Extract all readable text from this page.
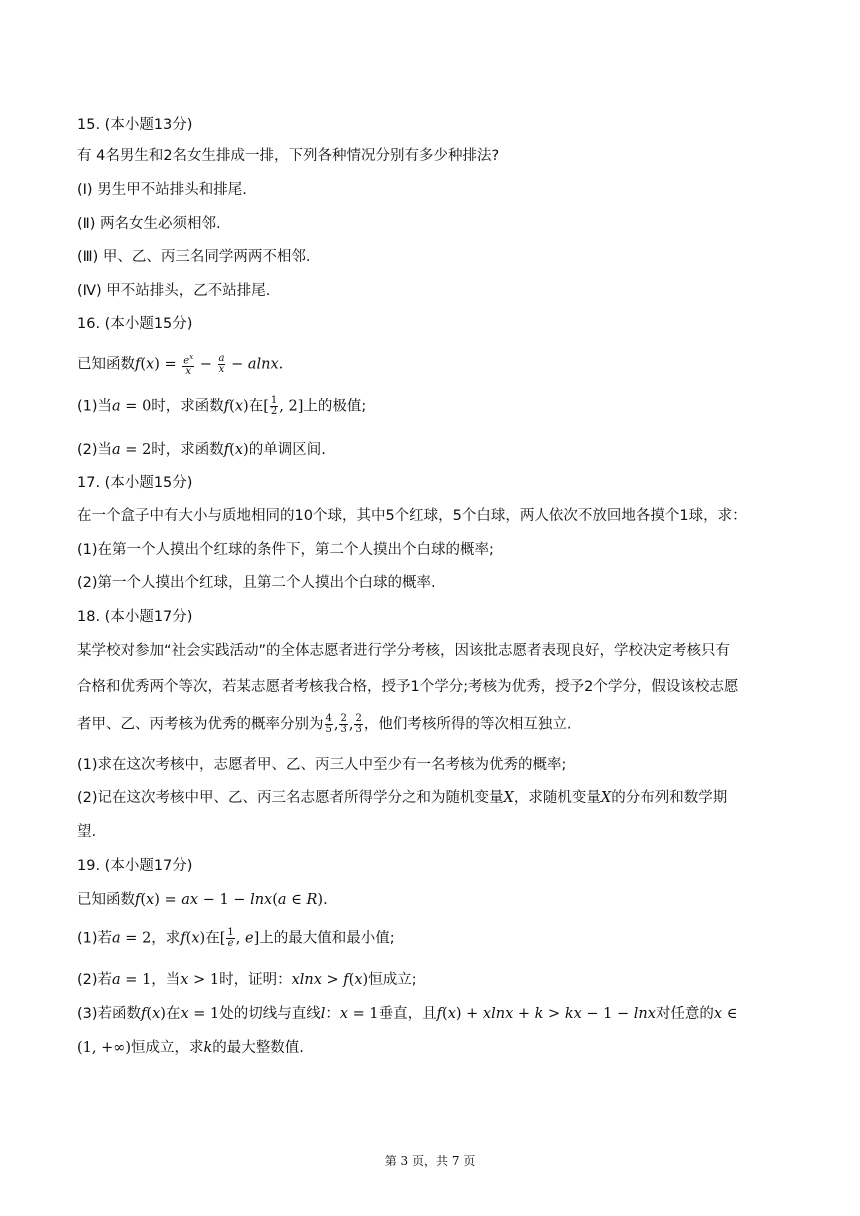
15. (本小题13分)
有 4名男生和2名女生排成一排，下列各种情况分别有多少种排法?
(Ⅰ) 男生甲不站排头和排尾.
(Ⅱ) 两名女生必须相邻.
(Ⅲ) 甲、乙、丙三名同学两两不相邻.
(Ⅳ) 甲不站排头，乙不站排尾.
16. (本小题15分)
已知函数$f(x) = \frac{e^x}{x} - \frac{a}{x} - alnx$.
(1)当a = 0时，求函数f(x)在[ $\frac{1}{2}$ , 2]上的极值;
(2)当a = 2时，求函数f(x)的单调区间.
17. (本小题15分)
在一个盒子中有大小与质地相同的10个球，其中5个红球，5个白球，两人依次不放回地各摸个1球，求：
(1)在第一个人摸出个红球的条件下，第二个人摸出个白球的概率;
(2)第一个人摸出个红球，且第二个人摸出个白球的概率.
18. (本小题17分)
某学校对参加“社会实践活动”的全体志愿者进行学分考核，因该批志愿者表现良好，学校决定考核只有
合格和优秀两个等次，若某志愿者考核我合格，授予1个学分;考核为优秀，授予2个学分，假设该校志愿
者甲、乙、丙考核为优秀的概率分别为 $\frac{4}{5}$ , $\frac{2}{3}$ , $\frac{2}{3}$ ，他们考核所得的等次相互独立.
(1)求在这次考核中，志愿者甲、乙、丙三人中至少有一名考核为优秀的概率;
(2)记在这次考核中甲、乙、丙三名志愿者所得学分之和为随机变量X，求随机变量X的分布列和数学期
望.
19. (本小题17分)
已知函数f(x) = ax − 1 − lnx(a ∈ R).
(1)若a = 2，求f(x)在[ $\frac{1}{e}$ , e]上的最大值和最小值;
(2)若a = 1，当x > 1时，证明：xlnx > f(x)恒成立;
(3)若函数f(x)在x = 1处的切线与直线l：x = 1垂直，且f(x) + xlnx + k > kx − 1 − lnx对任意的x ∈
(1, +∞)恒成立，求k的最大整数值.
第 3 页，共 7 页
